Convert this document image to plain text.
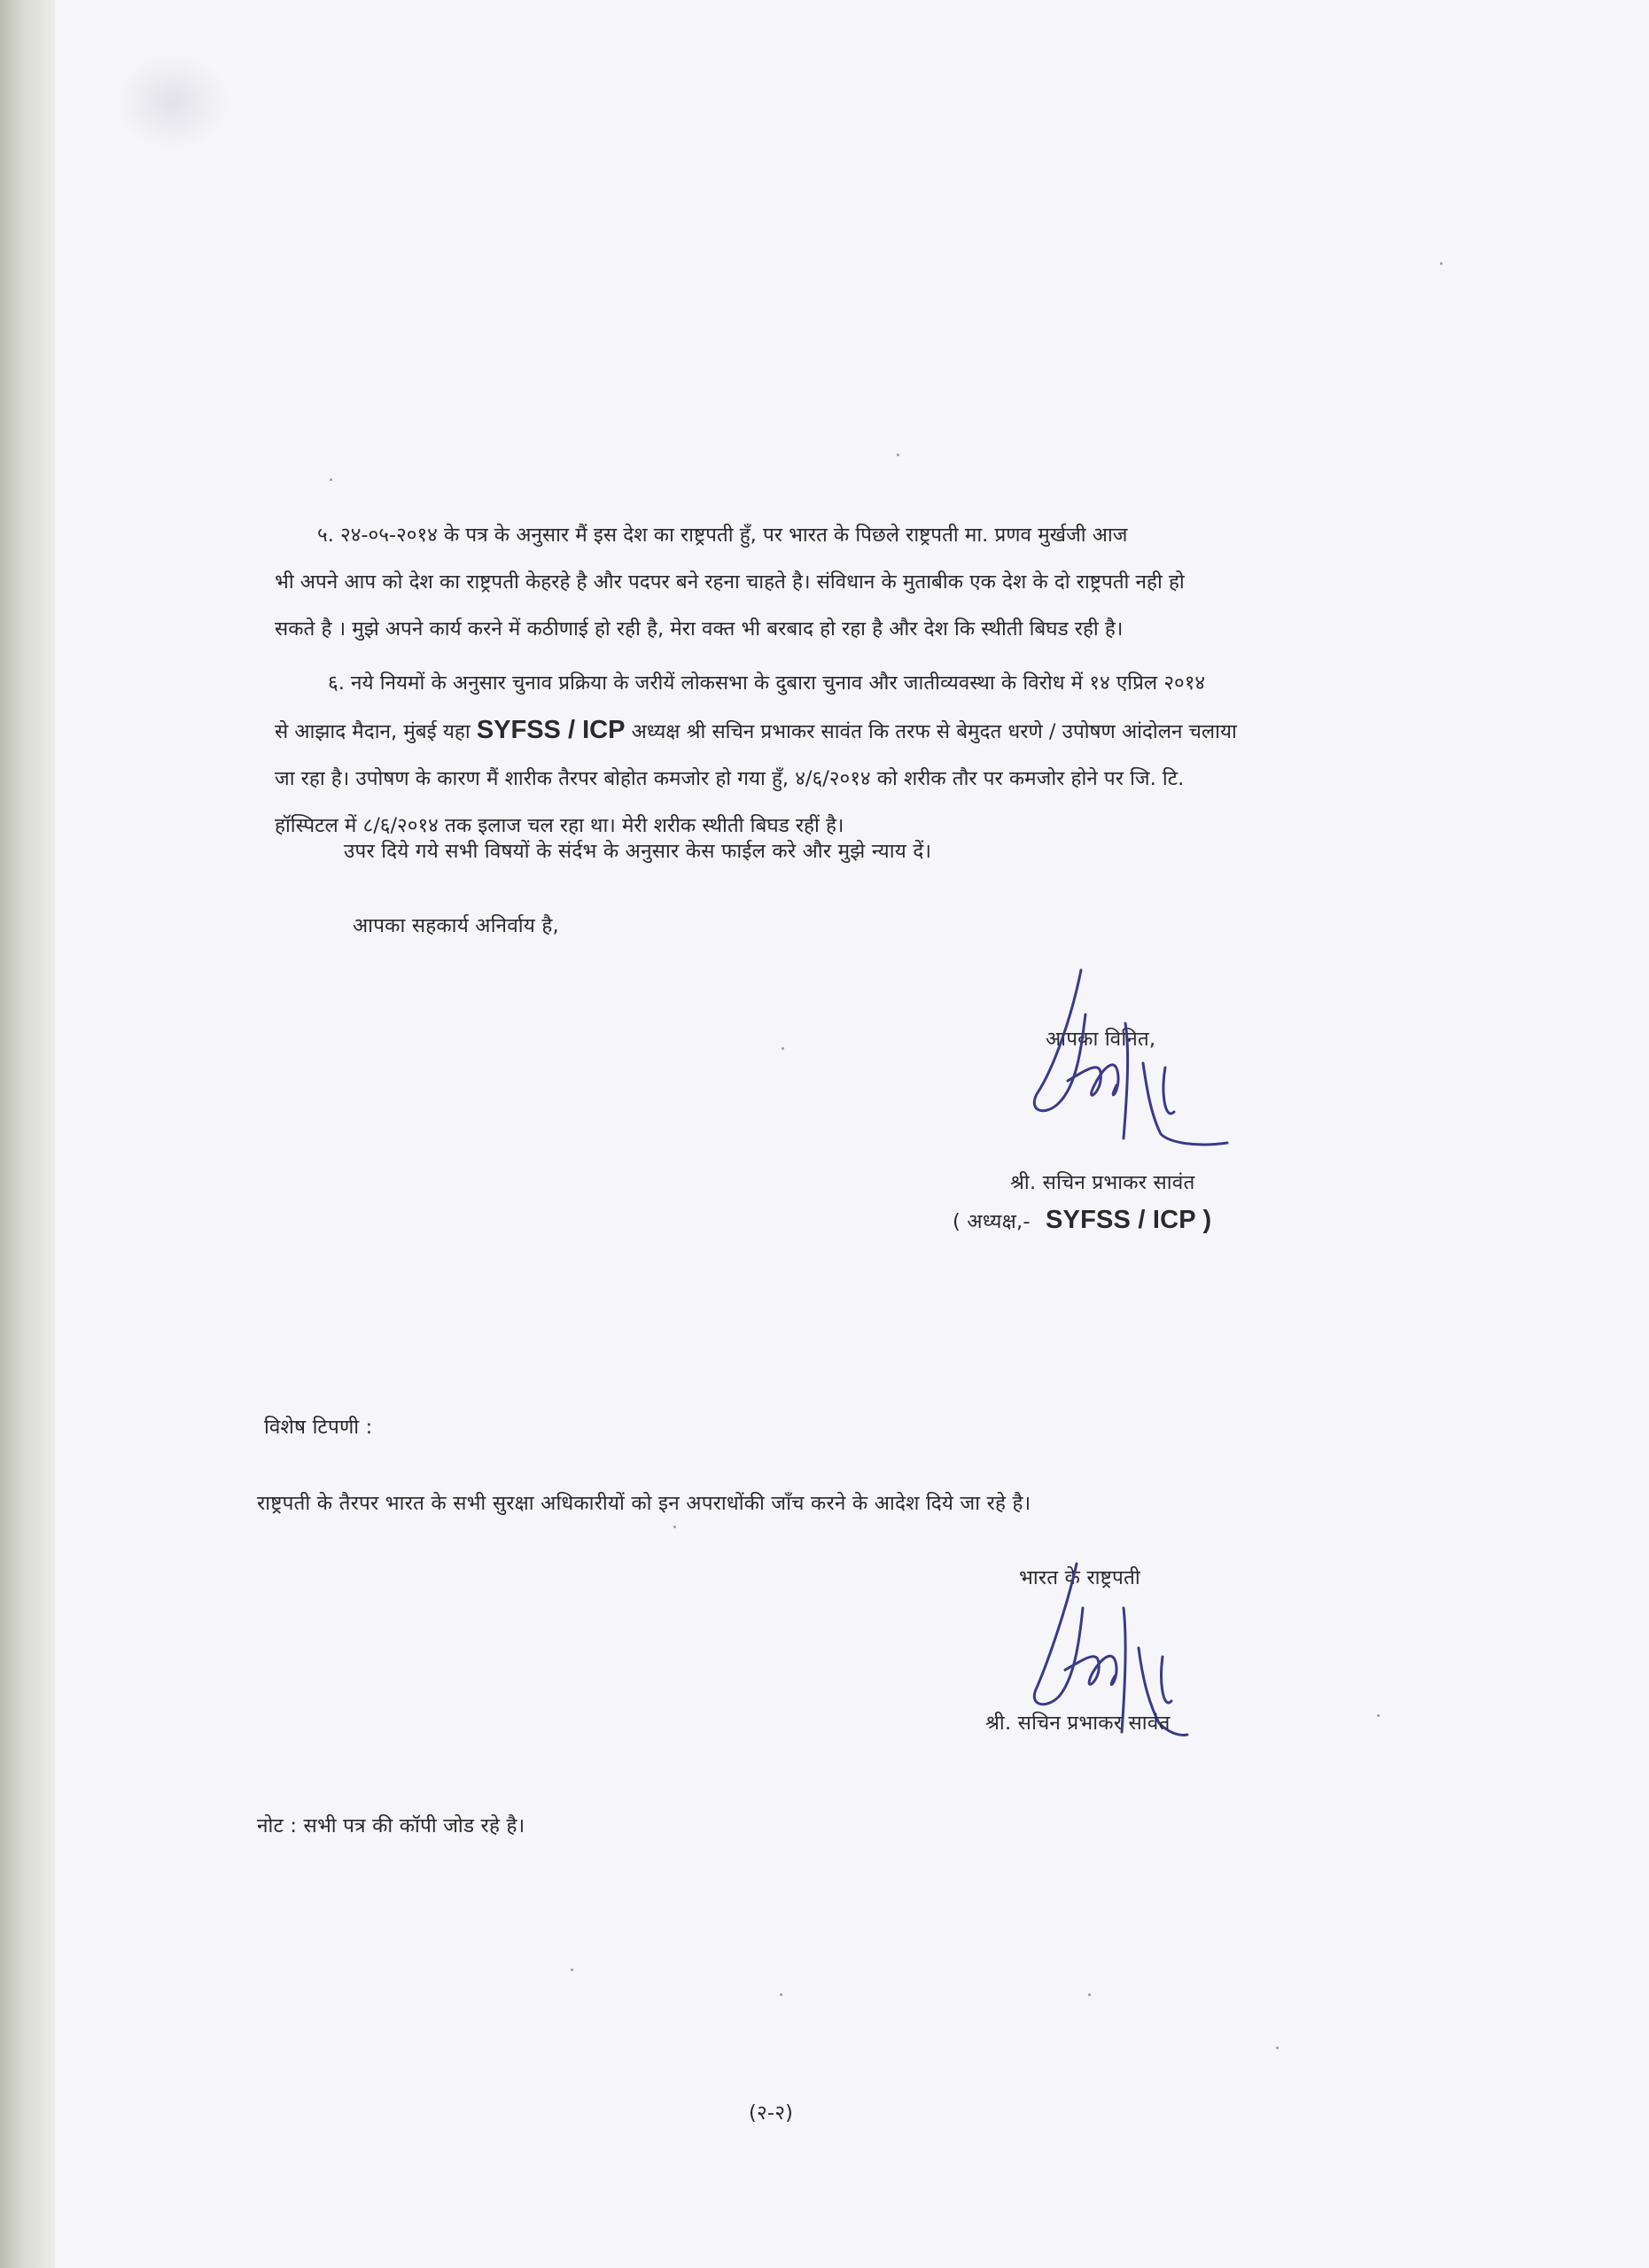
५. २४-०५-२०१४ के पत्र के अनुसार मैं इस देश का राष्ट्रपती हुँ, पर भारत के पिछले राष्ट्रपती मा. प्रणव मुर्खजी आज
भी अपने आप को देश का राष्ट्रपती केहरहे है और पदपर बने रहना चाहते है। संविधान के मुताबीक एक देश के दो राष्ट्रपती नही हो
सकते है । मुझे अपने कार्य करने में कठीणाई हो रही है, मेरा वक्त भी बरबाद हो रहा है और देश कि स्थीती बिघड रही है।
६. नये नियमों के अनुसार चुनाव प्रक्रिया के जरीयें लोकसभा के दुबारा चुनाव और जातीव्यवस्था के विरोध में १४ एप्रिल २०१४
से आझाद मैदान, मुंबई यहा SYFSS / ICP अध्यक्ष श्री सचिन प्रभाकर सावंत कि तरफ से बेमुदत धरणे / उपोषण आंदोलन चलाया
जा रहा है। उपोषण के कारण मैं शारीक तैरपर बोहोत कमजोर हो गया हुँ, ४/६/२०१४ को शरीक तौर पर कमजोर होने पर जि. टि.
हॉस्पिटल में ८/६/२०१४ तक इलाज चल रहा था। मेरी शरीक स्थीती बिघड रहीं है।
उपर दिये गये सभी विषयों के संर्दभ के अनुसार केस फाईल करे और मुझे न्याय दें।
आपका सहकार्य अनिर्वाय है,
आपका विनित,
श्री. सचिन प्रभाकर सावंत
( अध्यक्ष,- SYFSS / ICP )
विशेष टिपणी :
राष्ट्रपती के तैरपर भारत के सभी सुरक्षा अधिकारीयों को इन अपराधोंकी जाँच करने के आदेश दिये जा रहे है।
भारत के राष्ट्रपती
श्री. सचिन प्रभाकर सावंत
नोट : सभी पत्र की कॉपी जोड रहे है।
(२-२)
